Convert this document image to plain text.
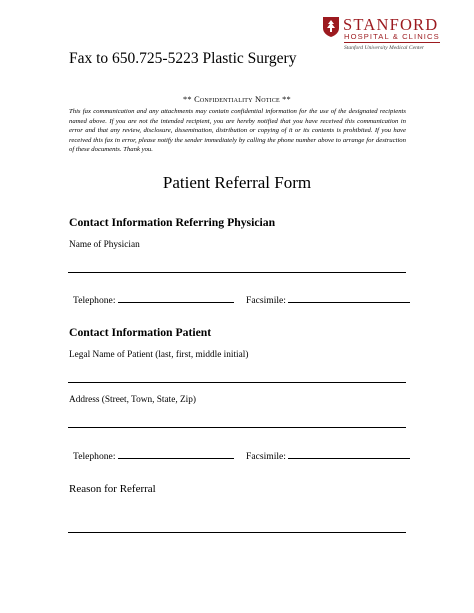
STANFORD
HOSPITAL & CLINICS
Stanford University Medical Center
Fax to 650.725-5223 Plastic Surgery
** Confidentiality Notice **
This fax communication and any attachments may contain confidential information for the use of the designated recipients named above. If you are not the intended recipient, you are hereby notified that you have received this communication in error and that any review, disclosure, dissemination, distribution or copying of it or its contents is prohibited. If you have received this fax in error, please notify the sender immediately by calling the phone number above to arrange for destruction of these documents. Thank you.
Patient Referral Form
Contact Information Referring Physician
Name of Physician
Telephone:	Facsimile:
Contact Information Patient
Legal Name of Patient (last, first, middle initial)
Address (Street, Town, State, Zip)
Telephone:	Facsimile:
Reason for Referral
